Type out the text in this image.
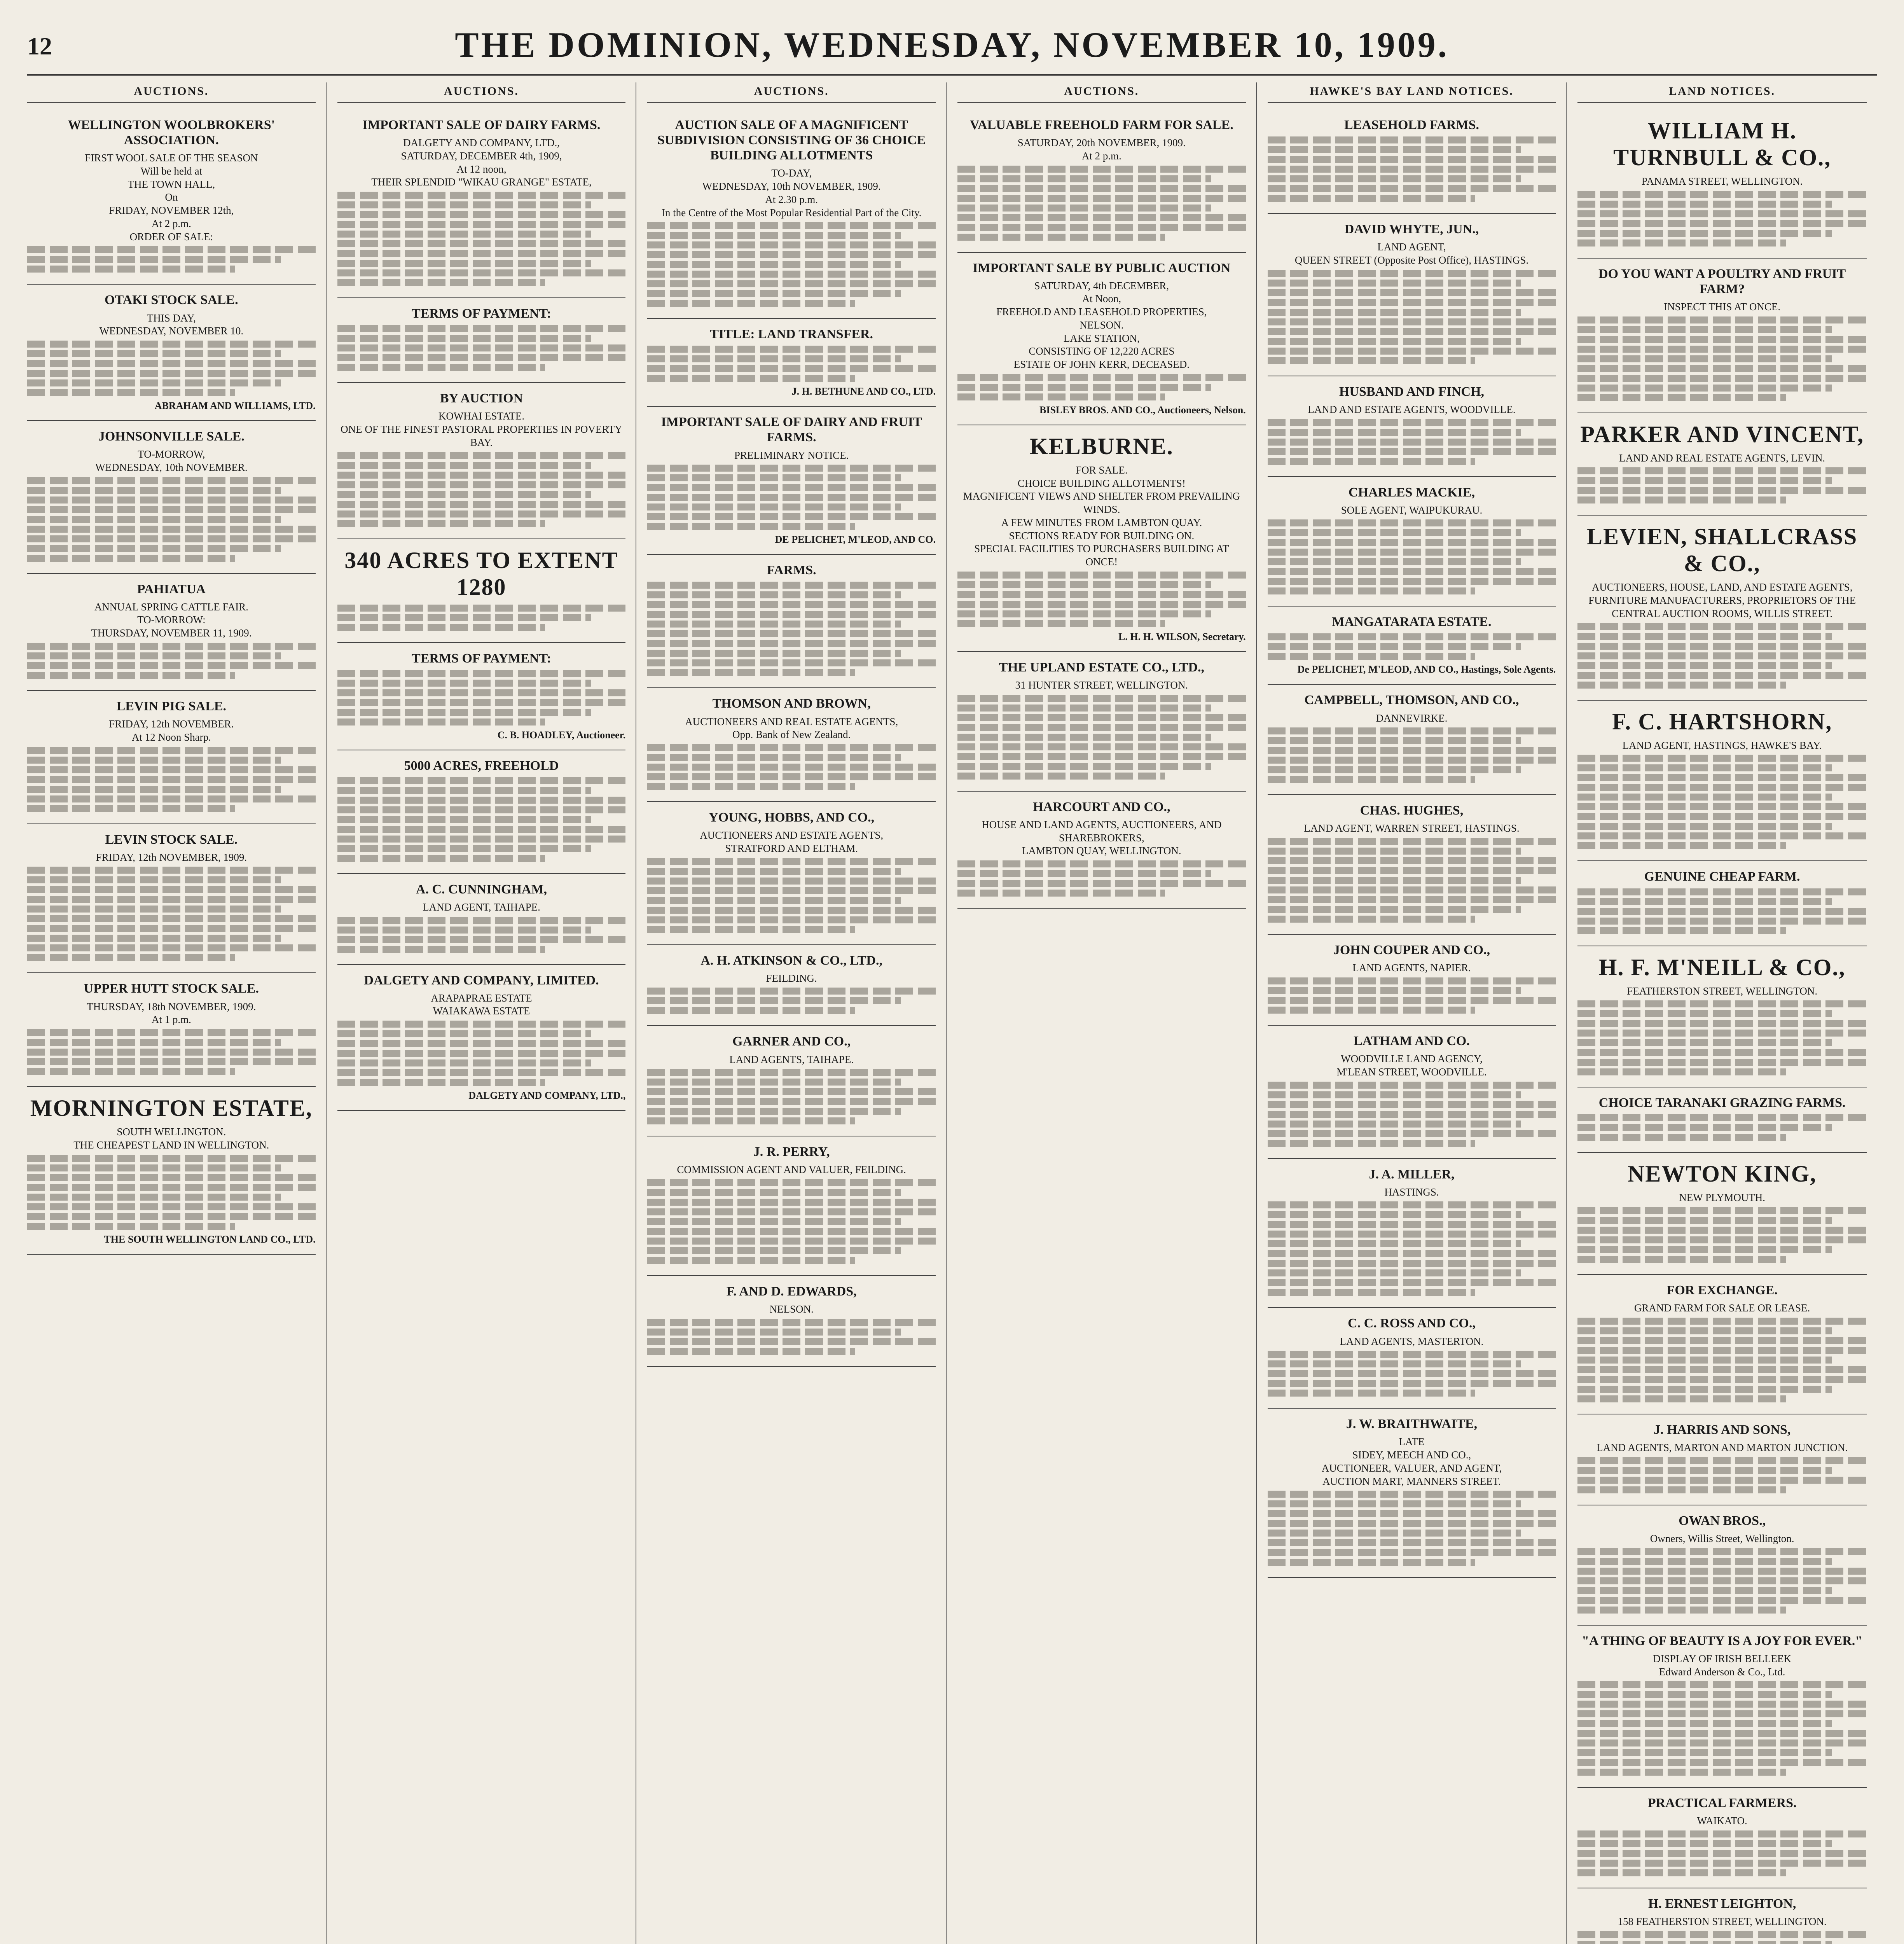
12	THE DOMINION, WEDNESDAY, NOVEMBER 10, 1909.
AUCTIONS.
WELLINGTON WOOLBROKERS' ASSOCIATION.
FIRST WOOL SALE OF THE SEASON
Will be held at
THE TOWN HALL,
On
FRIDAY, NOVEMBER 12th,
At 2 p.m.
ORDER OF SALE:
OTAKI STOCK SALE.
THIS DAY,
WEDNESDAY, NOVEMBER 10.
ABRAHAM AND WILLIAMS, LTD.
JOHNSONVILLE SALE.
TO-MORROW,
WEDNESDAY, 10th NOVEMBER.
PAHIATUA
ANNUAL SPRING CATTLE FAIR.
TO-MORROW:
THURSDAY, NOVEMBER 11, 1909.
LEVIN PIG SALE.
FRIDAY, 12th NOVEMBER.
At 12 Noon Sharp.
LEVIN STOCK SALE.
FRIDAY, 12th NOVEMBER, 1909.
UPPER HUTT STOCK SALE.
THURSDAY, 18th NOVEMBER, 1909.
At 1 p.m.
MORNINGTON ESTATE,
SOUTH WELLINGTON.
THE CHEAPEST LAND IN WELLINGTON.
THE SOUTH WELLINGTON LAND CO., LTD.
AUCTIONS.
IMPORTANT SALE OF DAIRY FARMS.
DALGETY AND COMPANY, LTD.,
SATURDAY, DECEMBER 4th, 1909,
At 12 noon,
THEIR SPLENDID "WIKAU GRANGE" ESTATE,
TERMS OF PAYMENT:
BY AUCTION
KOWHAI ESTATE.
ONE OF THE FINEST PASTORAL PROPERTIES IN POVERTY BAY.
340 ACRES TO EXTENT 1280
TERMS OF PAYMENT:
C. B. HOADLEY, Auctioneer.
5000 ACRES, FREEHOLD
A. C. CUNNINGHAM,
LAND AGENT, TAIHAPE.
DALGETY AND COMPANY, LIMITED.
ARAPAPRAE ESTATE
WAIAKAWA ESTATE
DALGETY AND COMPANY, LTD.,
AUCTIONS.
AUCTION SALE OF A MAGNIFICENT SUBDIVISION CONSISTING OF 36 CHOICE BUILDING ALLOTMENTS
TO-DAY,
WEDNESDAY, 10th NOVEMBER, 1909.
At 2.30 p.m.
In the Centre of the Most Popular Residential Part of the City.
TITLE: LAND TRANSFER.
J. H. BETHUNE AND CO., LTD.
IMPORTANT SALE OF DAIRY AND FRUIT FARMS.
PRELIMINARY NOTICE.
DE PELICHET, M'LEOD, AND CO.
FARMS.
THOMSON AND BROWN,
AUCTIONEERS AND REAL ESTATE AGENTS,
Opp. Bank of New Zealand.
YOUNG, HOBBS, AND CO.,
AUCTIONEERS AND ESTATE AGENTS,
STRATFORD AND ELTHAM.
A. H. ATKINSON & CO., LTD.,
FEILDING.
GARNER AND CO.,
LAND AGENTS, TAIHAPE.
J. R. PERRY,
COMMISSION AGENT AND VALUER, FEILDING.
F. AND D. EDWARDS,
NELSON.
AUCTIONS.
VALUABLE FREEHOLD FARM FOR SALE.
SATURDAY, 20th NOVEMBER, 1909.
At 2 p.m.
IMPORTANT SALE BY PUBLIC AUCTION
SATURDAY, 4th DECEMBER,
At Noon,
FREEHOLD AND LEASEHOLD PROPERTIES,
NELSON.
LAKE STATION,
CONSISTING OF 12,220 ACRES
ESTATE OF JOHN KERR, DECEASED.
BISLEY BROS. AND CO., Auctioneers, Nelson.
KELBURNE.
FOR SALE.
CHOICE BUILDING ALLOTMENTS!
MAGNIFICENT VIEWS AND SHELTER FROM PREVAILING WINDS.
A FEW MINUTES FROM LAMBTON QUAY.
SECTIONS READY FOR BUILDING ON.
SPECIAL FACILITIES TO PURCHASERS BUILDING AT ONCE!
L. H. H. WILSON, Secretary.
THE UPLAND ESTATE CO., LTD.,
31 HUNTER STREET, WELLINGTON.
HARCOURT AND CO.,
HOUSE AND LAND AGENTS, AUCTIONEERS, AND SHAREBROKERS,
LAMBTON QUAY, WELLINGTON.
HAWKE'S BAY LAND NOTICES.
LEASEHOLD FARMS.
DAVID WHYTE, JUN.,
LAND AGENT,
QUEEN STREET (Opposite Post Office), HASTINGS.
HUSBAND AND FINCH,
LAND AND ESTATE AGENTS, WOODVILLE.
CHARLES MACKIE,
SOLE AGENT, WAIPUKURAU.
MANGATARATA ESTATE.
De PELICHET, M'LEOD, AND CO., Hastings, Sole Agents.
CAMPBELL, THOMSON, AND CO.,
DANNEVIRKE.
CHAS. HUGHES,
LAND AGENT, WARREN STREET, HASTINGS.
JOHN COUPER AND CO.,
LAND AGENTS, NAPIER.
LATHAM AND CO.
WOODVILLE LAND AGENCY,
M'LEAN STREET, WOODVILLE.
J. A. MILLER,
HASTINGS.
C. C. ROSS AND CO.,
LAND AGENTS, MASTERTON.
J. W. BRAITHWAITE,
LATE
SIDEY, MEECH AND CO.,
AUCTIONEER, VALUER, AND AGENT,
AUCTION MART, MANNERS STREET.
LAND NOTICES.
WILLIAM H. TURNBULL & CO.,
PANAMA STREET, WELLINGTON.
DO YOU WANT A POULTRY AND FRUIT FARM?
INSPECT THIS AT ONCE.
PARKER AND VINCENT,
LAND AND REAL ESTATE AGENTS, LEVIN.
LEVIEN, SHALLCRASS & CO.,
AUCTIONEERS, HOUSE, LAND, AND ESTATE AGENTS,
FURNITURE MANUFACTURERS, PROPRIETORS OF THE CENTRAL AUCTION ROOMS, WILLIS STREET.
F. C. HARTSHORN,
LAND AGENT, HASTINGS, HAWKE'S BAY.
GENUINE CHEAP FARM.
H. F. M'NEILL & CO.,
FEATHERSTON STREET, WELLINGTON.
CHOICE TARANAKI GRAZING FARMS.
NEWTON KING,
NEW PLYMOUTH.
FOR EXCHANGE.
GRAND FARM FOR SALE OR LEASE.
J. HARRIS AND SONS,
LAND AGENTS, MARTON AND MARTON JUNCTION.
OWAN BROS.,
Owners, Willis Street, Wellington.
"A THING OF BEAUTY IS A JOY FOR EVER."
DISPLAY OF IRISH BELLEEK
Edward Anderson & Co., Ltd.
PRACTICAL FARMERS.
WAIKATO.
H. ERNEST LEIGHTON,
158 FEATHERSTON STREET, WELLINGTON.
